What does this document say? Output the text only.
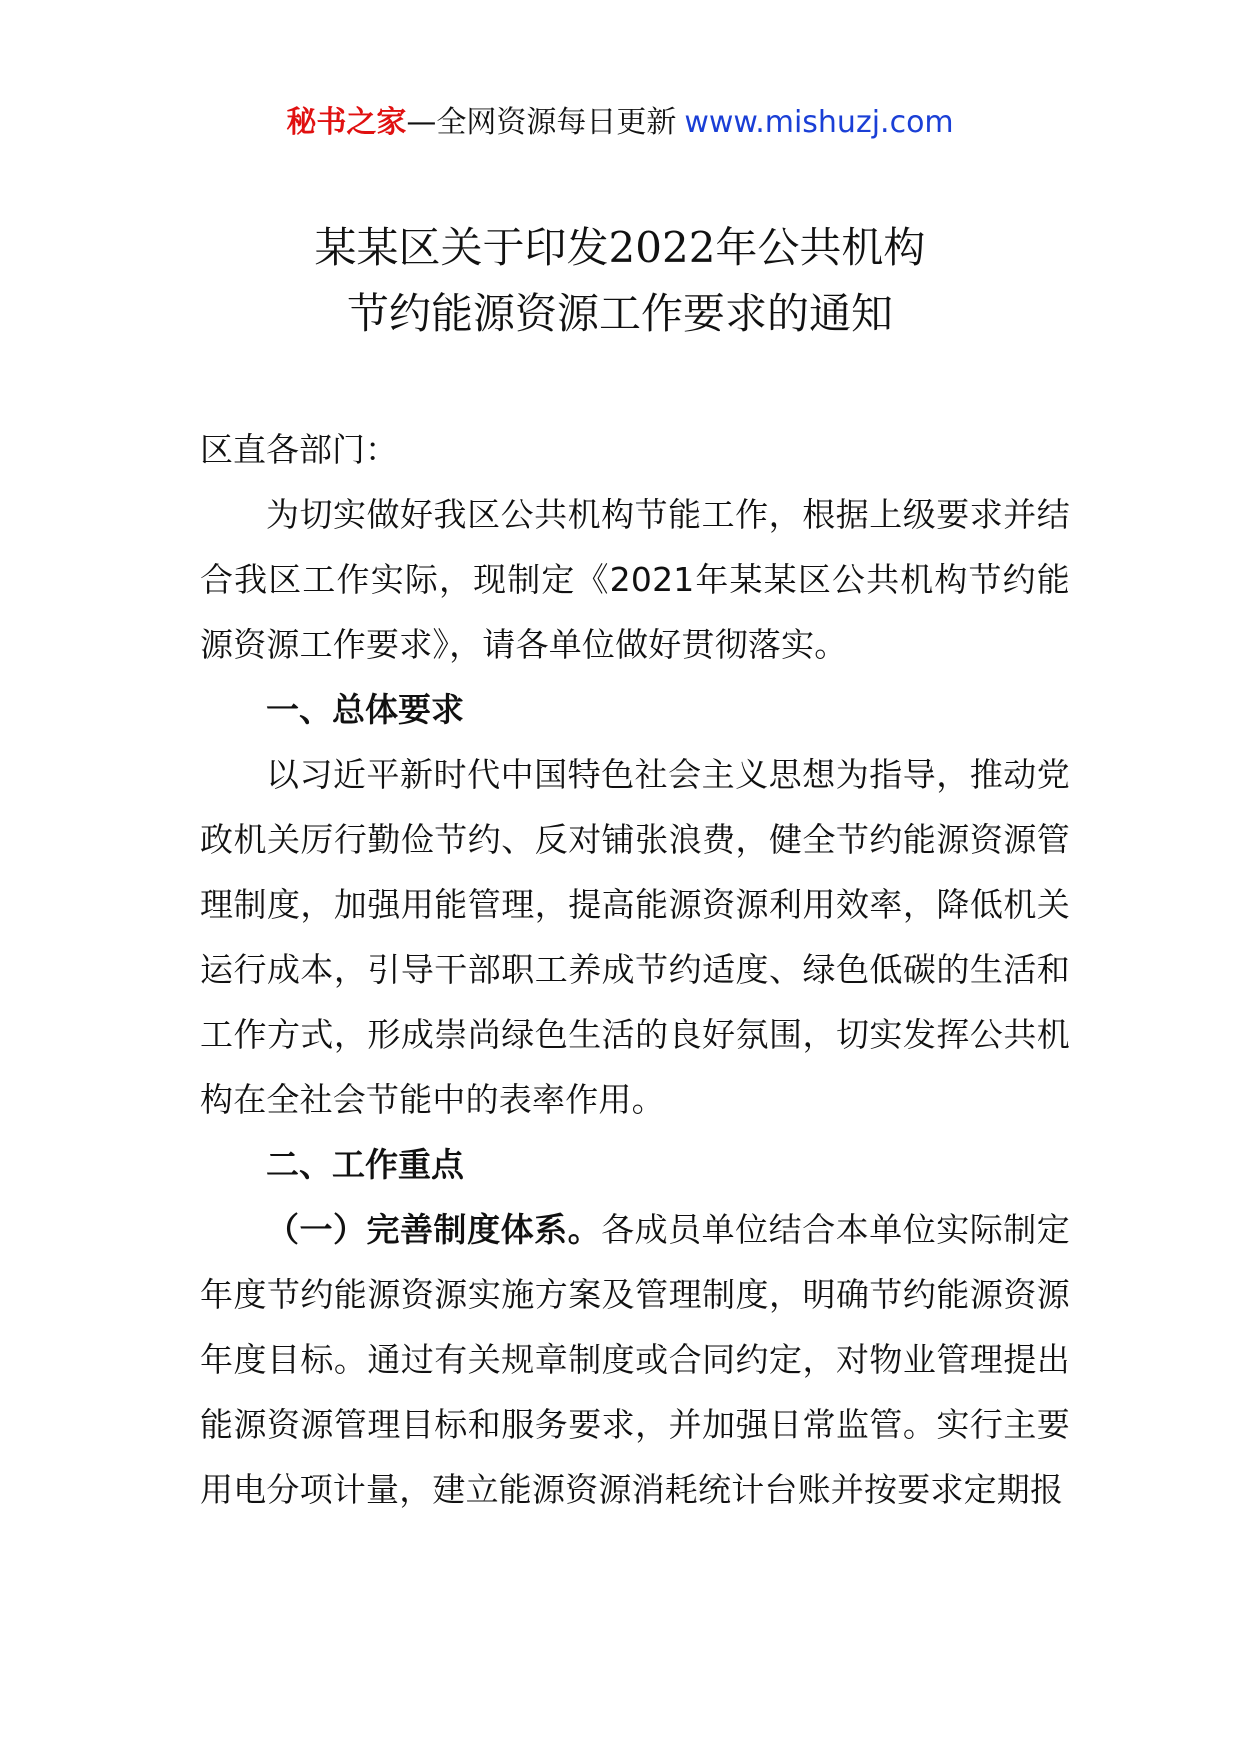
秘书之家—全网资源每日更新 www.mishuzj.com
某某区关于印发2022年公共机构
节约能源资源工作要求的通知

区直各部门：

为切实做好我区公共机构节能工作，根据上级要求并结合我区工作实际，现制定《2021年某某区公共机构节约能源资源工作要求》，请各单位做好贯彻落实。

一、总体要求

以习近平新时代中国特色社会主义思想为指导，推动党政机关厉行勤俭节约、反对铺张浪费，健全节约能源资源管理制度，加强用能管理，提高能源资源利用效率，降低机关运行成本，引导干部职工养成节约适度、绿色低碳的生活和工作方式，形成崇尚绿色生活的良好氛围，切实发挥公共机构在全社会节能中的表率作用。

二、工作重点

（一）完善制度体系。各成员单位结合本单位实际制定年度节约能源资源实施方案及管理制度，明确节约能源资源年度目标。通过有关规章制度或合同约定，对物业管理提出能源资源管理目标和服务要求，并加强日常监管。实行主要用电分项计量，建立能源资源消耗统计台账并按要求定期报
